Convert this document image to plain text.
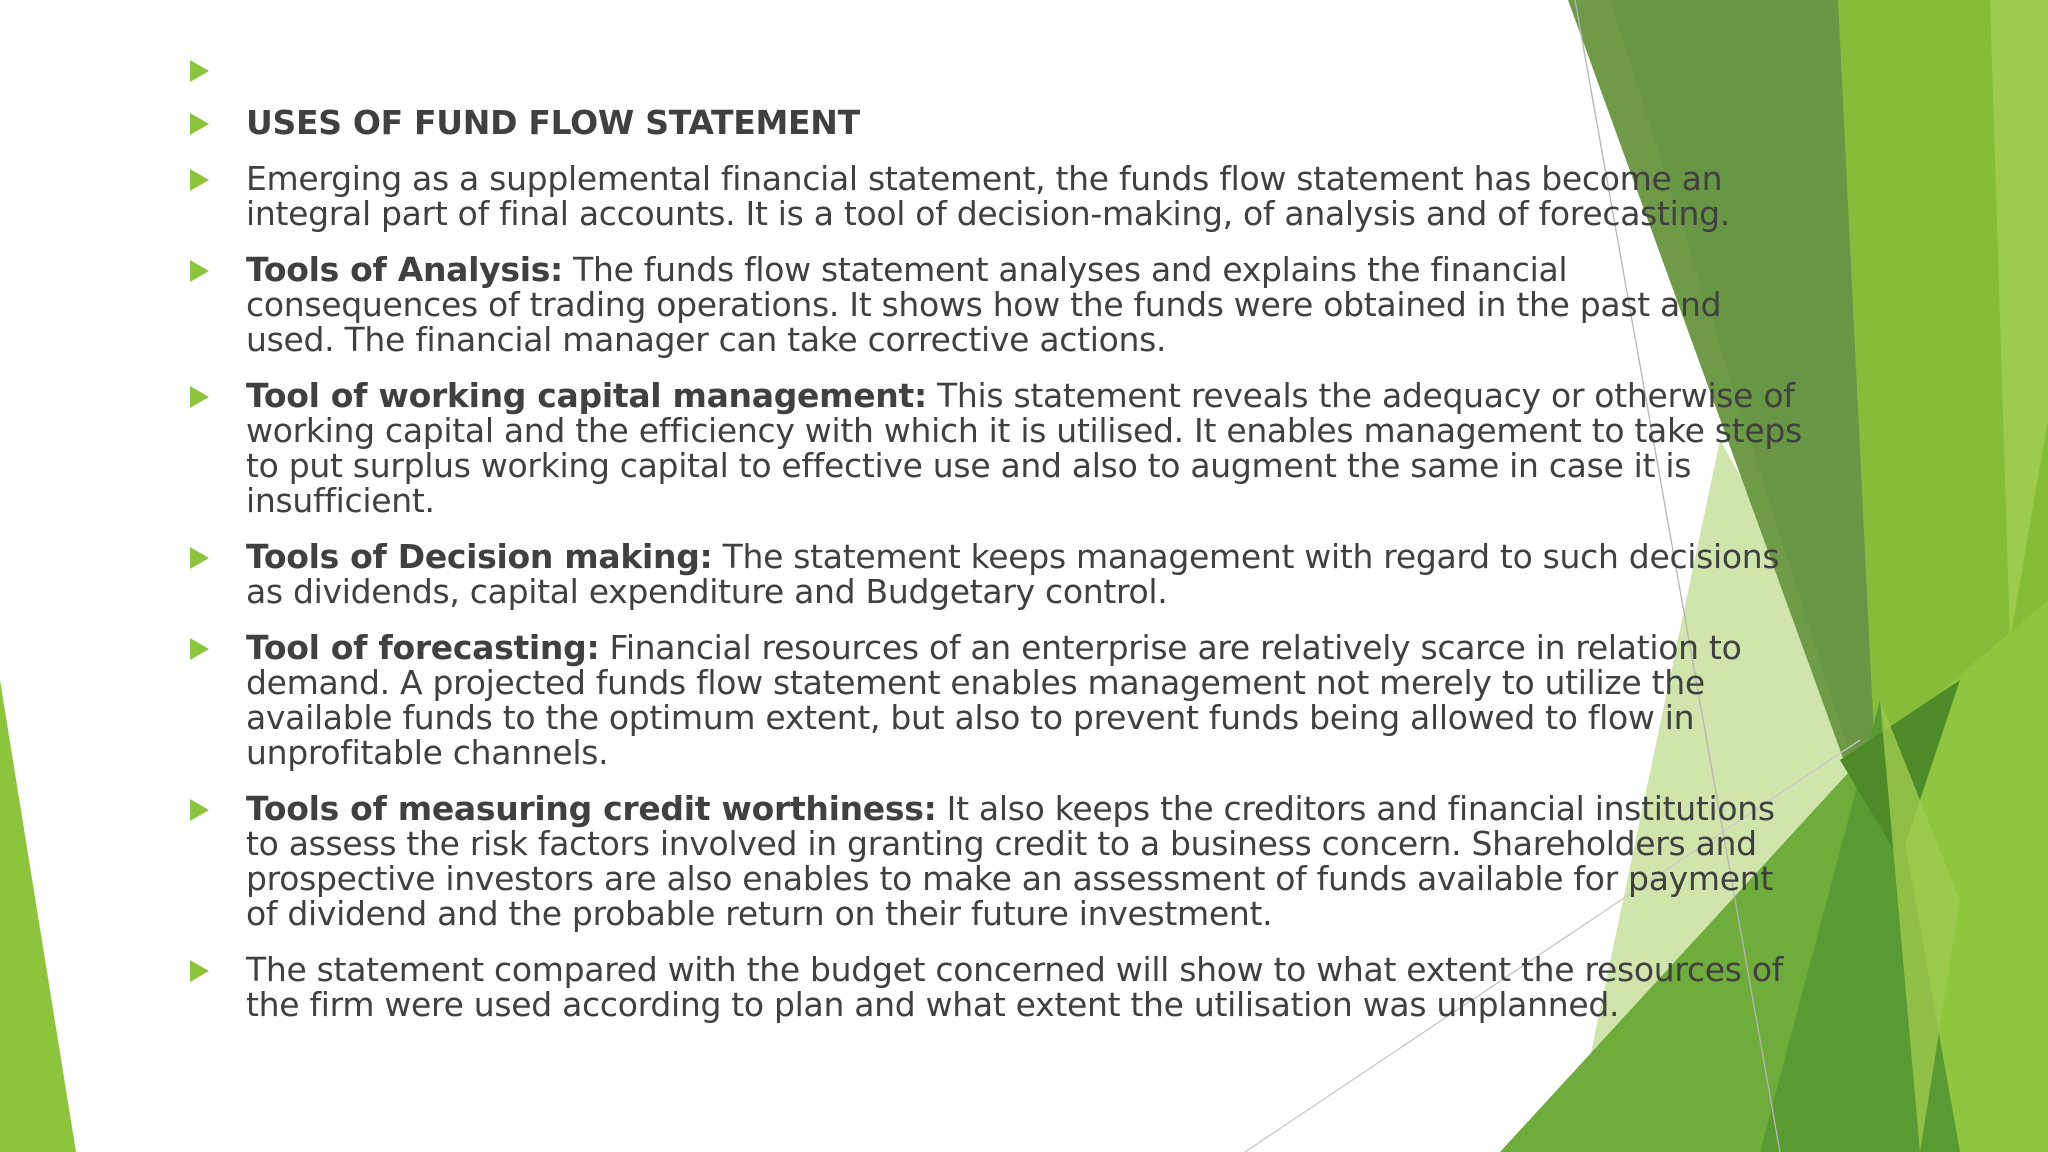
USES OF FUND FLOW STATEMENT
Emerging as a supplemental financial statement, the funds flow statement has become an integral part of final accounts. It is a tool of decision-making, of analysis and of forecasting.
Tools of Analysis: The funds flow statement analyses and explains the financial consequences of trading operations. It shows how the funds were obtained in the past and used. The financial manager can take corrective actions.
Tool of working capital management: This statement reveals the adequacy or otherwise of working capital and the efficiency with which it is utilised. It enables management to take steps to put surplus working capital to effective use and also to augment the same in case it is insufficient.
Tools of Decision making: The statement keeps management with regard to such decisions as dividends, capital expenditure and Budgetary control.
Tool of forecasting: Financial resources of an enterprise are relatively scarce in relation to demand. A projected funds flow statement enables management not merely to utilize the available funds to the optimum extent, but also to prevent funds being allowed to flow in unprofitable channels.
Tools of measuring credit worthiness: It also keeps the creditors and financial institutions to assess the risk factors involved in granting credit to a business concern. Shareholders and prospective investors are also enables to make an assessment of funds available for payment of dividend and the probable return on their future investment.
The statement compared with the budget concerned will show to what extent the resources of the firm were used according to plan and what extent the utilisation was unplanned.
